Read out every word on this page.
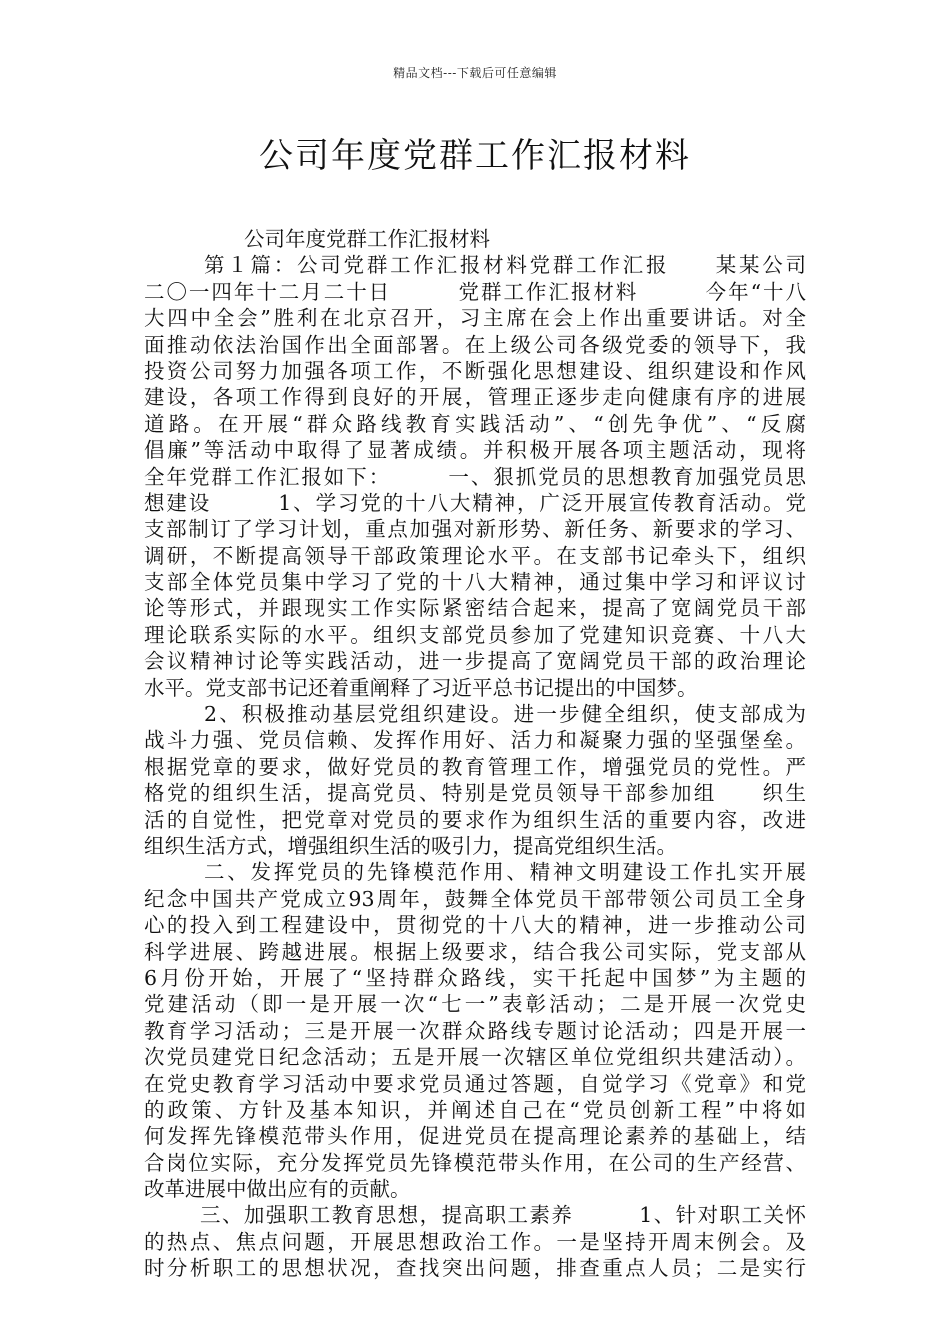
精品文档---下载后可任意编辑
公司年度党群工作汇报材料
公司年度党群工作汇报材料
第１篇：公司党群工作汇报材料党群工作汇报　　某某公司
二〇一四年十二月二十日　　　党群工作汇报材料　　　今年“十八
大四中全会”胜利在北京召开，习主席在会上作出重要讲话。对全
面推动依法治国作出全面部署。在上级公司各级党委的领导下，我
投资公司努力加强各项工作，不断强化思想建设、组织建设和作风
建设，各项工作得到良好的开展，管理正逐步走向健康有序的进展
道路。在开展“群众路线教育实践活动”、“创先争优”、“反腐
倡廉”等活动中取得了显著成绩。并积极开展各项主题活动，现将
全年党群工作汇报如下：　　　一、狠抓党员的思想教育加强党员思
想建设　　　1、学习党的十八大精神，广泛开展宣传教育活动。党
支部制订了学习计划，重点加强对新形势、新任务、新要求的学习、
调研，不断提高领导干部政策理论水平。在支部书记牵头下，组织
支部全体党员集中学习了党的十八大精神，通过集中学习和评议讨
论等形式，并跟现实工作实际紧密结合起来，提高了宽阔党员干部
理论联系实际的水平。组织支部党员参加了党建知识竞赛、十八大
会议精神讨论等实践活动，进一步提高了宽阔党员干部的政治理论
水平。党支部书记还着重阐释了习近平总书记提出的中国梦。
2、积极推动基层党组织建设。进一步健全组织，使支部成为
战斗力强、党员信赖、发挥作用好、活力和凝聚力强的坚强堡垒。
根据党章的要求，做好党员的教育管理工作，增强党员的党性。严
格党的组织生活，提高党员、特别是党员领导干部参加组　　织生
活的自觉性，把党章对党员的要求作为组织生活的重要内容，改进
组织生活方式，增强组织生活的吸引力，提高党组织生活。
二、发挥党员的先锋模范作用、精神文明建设工作扎实开展
纪念中国共产党成立93周年，鼓舞全体党员干部带领公司员工全身
心的投入到工程建设中，贯彻党的十八大的精神，进一步推动公司
科学进展、跨越进展。根据上级要求，结合我公司实际，党支部从
6月份开始，开展了“坚持群众路线，实干托起中国梦”为主题的
党建活动（即一是开展一次“七一”表彰活动；二是开展一次党史
教育学习活动；三是开展一次群众路线专题讨论活动；四是开展一
次党员建党日纪念活动；五是开展一次辖区单位党组织共建活动）。
在党史教育学习活动中要求党员通过答题，自觉学习《党章》和党
的政策、方针及基本知识，并阐述自己在“党员创新工程”中将如
何发挥先锋模范带头作用，促进党员在提高理论素养的基础上，结
合岗位实际，充分发挥党员先锋模范带头作用，在公司的生产经营、
改革进展中做出应有的贡献。
三、加强职工教育思想，提高职工素养　　　1、针对职工关怀
的热点、焦点问题，开展思想政治工作。一是坚持开周末例会。及
时分析职工的思想状况，查找突出问题，排查重点人员；二是实行
